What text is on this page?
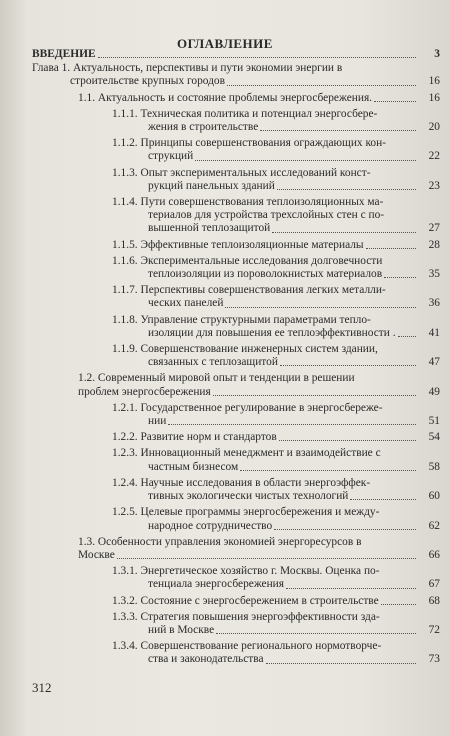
ОГЛАВЛЕНИЕ
ВВЕДЕНИЕ	3
Глава 1. Актуальность, перспективы и пути экономии энергии в
строительстве крупных городов	16
1.1. Актуальность и состояние проблемы энергосбережения.	16
1.1.1. Техническая политика и потенциал энергосбере-
жения в строительстве	20
1.1.2. Принципы совершенствования ограждающих кон-
струкций	22
1.1.3. Опыт экспериментальных исследований конст-
рукций панельных зданий	23
1.1.4. Пути совершенствования теплоизоляционных ма-
териалов для устройства трехслойных стен с по-
вышенной теплозащитой	27
1.1.5. Эффективные теплоизоляционные материалы	28
1.1.6. Экспериментальные исследования долговечности
теплоизоляции из пороволокнистых материалов	35
1.1.7. Перспективы совершенствования легких металли-
ческих панелей	36
1.1.8. Управление структурными параметрами тепло-
изоляции для повышения ее теплоэффективности .	41
1.1.9. Совершенствование инженерных систем здании,
связанных с теплозащитой	47
1.2. Современный мировой опыт и тенденции в решении
проблем энергосбережения	49
1.2.1. Государственное регулирование в энергосбереже-
нии	51
1.2.2. Развитие норм и стандартов	54
1.2.3. Инновационный менеджмент и взаимодействие с
частным бизнесом	58
1.2.4. Научные исследования в области энергоэффек-
тивных экологически чистых технологий	60
1.2.5. Целевые программы энергосбережения и между-
народное сотрудничество	62
1.3. Особенности управления экономией энергоресурсов в
Москве	66
1.3.1. Энергетическое хозяйство г. Москвы. Оценка по-
тенциала энергосбережения	67
1.3.2. Состояние с энергосбережением в строительстве	68
1.3.3. Стратегия повышения энергоэффективности зда-
ний в Москве	72
1.3.4. Совершенствование регионального нормотворче-
ства и законодательства	73
312
